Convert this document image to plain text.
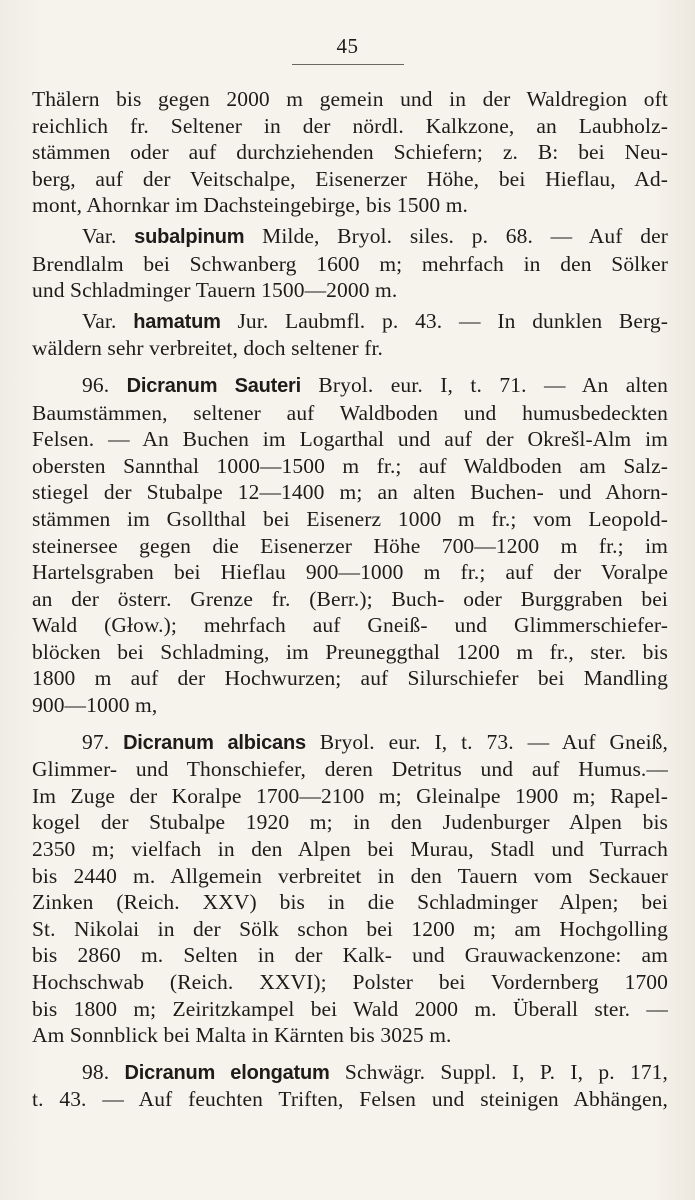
45
Thälern bis gegen 2000 m gemein und in der Waldregion oft
reichlich fr. Seltener in der nördl. Kalkzone, an Laubholz-
stämmen oder auf durchziehenden Schiefern; z. B: bei Neu-
berg, auf der Veitschalpe, Eisenerzer Höhe, bei Hieflau, Ad-
mont, Ahornkar im Dachsteingebirge, bis 1500 m.
Var. subalpinum Milde, Bryol. siles. p. 68. — Auf der
Brendlalm bei Schwanberg 1600 m; mehrfach in den Sölker
und Schladminger Tauern 1500—2000 m.
Var. hamatum Jur. Laubmfl. p. 43. — In dunklen Berg-
wäldern sehr verbreitet, doch seltener fr.
96. Dicranum Sauteri Bryol. eur. I, t. 71. — An alten
Baumstämmen, seltener auf Waldboden und humusbedeckten
Felsen. — An Buchen im Logarthal und auf der Okrešl-Alm im
obersten Sannthal 1000—1500 m fr.; auf Waldboden am Salz-
stiegel der Stubalpe 12—1400 m; an alten Buchen- und Ahorn-
stämmen im Gsollthal bei Eisenerz 1000 m fr.; vom Leopold-
steinersee gegen die Eisenerzer Höhe 700—1200 m fr.; im
Hartelsgraben bei Hieflau 900—1000 m fr.; auf der Voralpe
an der österr. Grenze fr. (Berr.); Buch- oder Burggraben bei
Wald (Głow.); mehrfach auf Gneiß- und Glimmerschiefer-
blöcken bei Schladming, im Preuneggthal 1200 m fr., ster. bis
1800 m auf der Hochwurzen; auf Silurschiefer bei Mandling
900—1000 m,
97. Dicranum albicans Bryol. eur. I, t. 73. — Auf Gneiß,
Glimmer- und Thonschiefer, deren Detritus und auf Humus.—
Im Zuge der Koralpe 1700—2100 m; Gleinalpe 1900 m; Rapel-
kogel der Stubalpe 1920 m; in den Judenburger Alpen bis
2350 m; vielfach in den Alpen bei Murau, Stadl und Turrach
bis 2440 m. Allgemein verbreitet in den Tauern vom Seckauer
Zinken (Reich. XXV) bis in die Schladminger Alpen; bei
St. Nikolai in der Sölk schon bei 1200 m; am Hochgolling
bis 2860 m. Selten in der Kalk- und Grauwackenzone: am
Hochschwab (Reich. XXVI); Polster bei Vordernberg 1700
bis 1800 m; Zeiritzkampel bei Wald 2000 m. Überall ster. —
Am Sonnblick bei Malta in Kärnten bis 3025 m.
98. Dicranum elongatum Schwägr. Suppl. I, P. I, p. 171,
t. 43. — Auf feuchten Triften, Felsen und steinigen Abhängen,
